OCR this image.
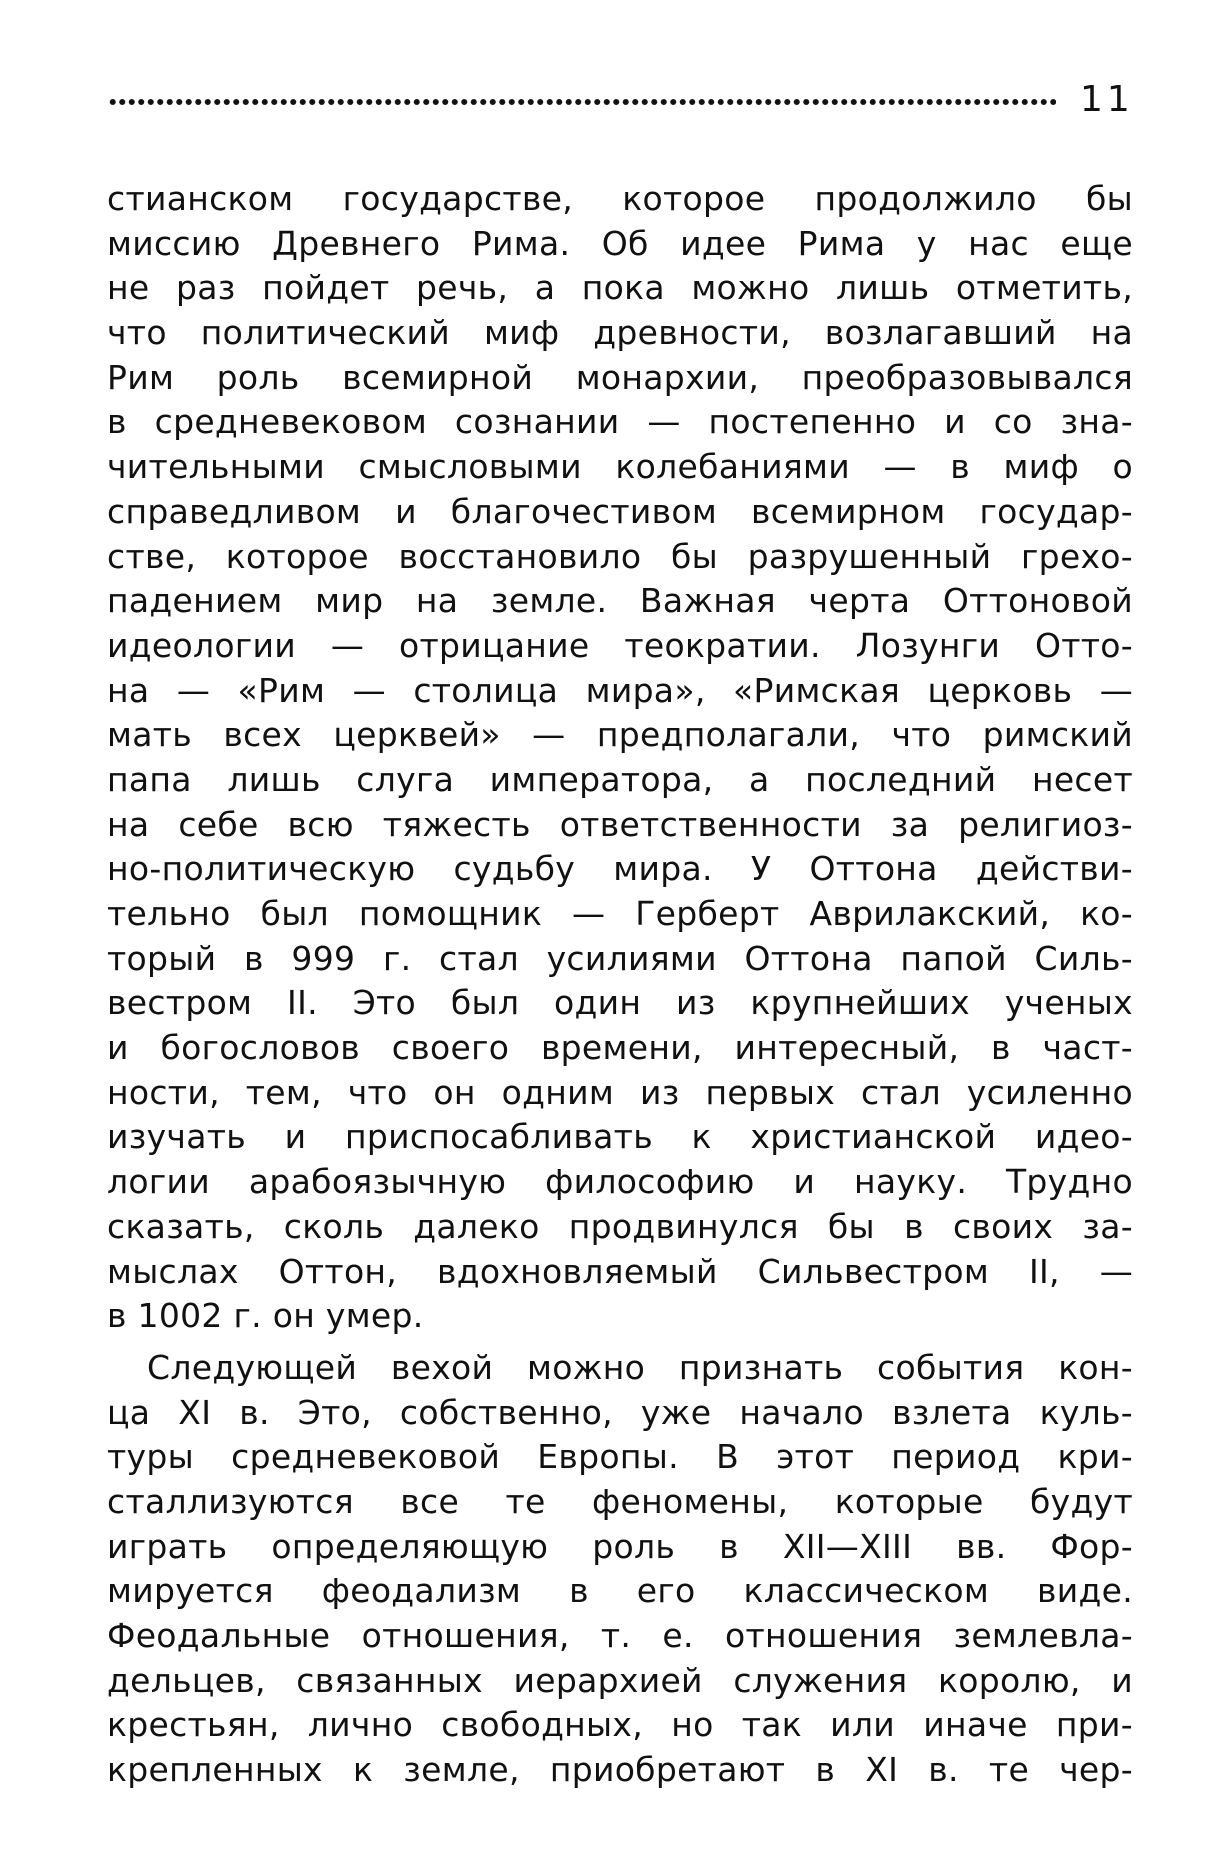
11
стианском государстве, которое продолжило бы
миссию Древнего Рима. Об идее Рима у нас еще
не раз пойдет речь, а пока можно лишь отметить,
что политический миф древности, возлагавший на
Рим роль всемирной монархии, преобразовывался
в средневековом сознании — постепенно и со зна-
чительными смысловыми колебаниями — в миф о
справедливом и благочестивом всемирном государ-
стве, которое восстановило бы разрушенный грехо-
падением мир на земле. Важная черта Оттоновой
идеологии — отрицание теократии. Лозунги Отто-
на — «Рим — столица мира», «Римская церковь —
мать всех церквей» — предполагали, что римский
папа лишь слуга императора, а последний несет
на себе всю тяжесть ответственности за религиоз-
но-политическую судьбу мира. У Оттона действи-
тельно был помощник — Герберт Аврилакский, ко-
торый в 999 г. стал усилиями Оттона папой Силь-
вестром II. Это был один из крупнейших ученых
и богословов своего времени, интересный, в част-
ности, тем, что он одним из первых стал усиленно
изучать и приспосабливать к христианской идео-
логии арабоязычную философию и науку. Трудно
сказать, сколь далеко продвинулся бы в своих за-
мыслах Оттон, вдохновляемый Сильвестром II, —
в 1002 г. он умер.
Следующей вехой можно признать события кон-
ца XI в. Это, собственно, уже начало взлета куль-
туры средневековой Европы. В этот период кри-
сталлизуются все те феномены, которые будут
играть определяющую роль в XII—XIII вв. Фор-
мируется феодализм в его классическом виде.
Феодальные отношения, т. е. отношения землевла-
дельцев, связанных иерархией служения королю, и
крестьян, лично свободных, но так или иначе при-
крепленных к земле, приобретают в XI в. те чер-
